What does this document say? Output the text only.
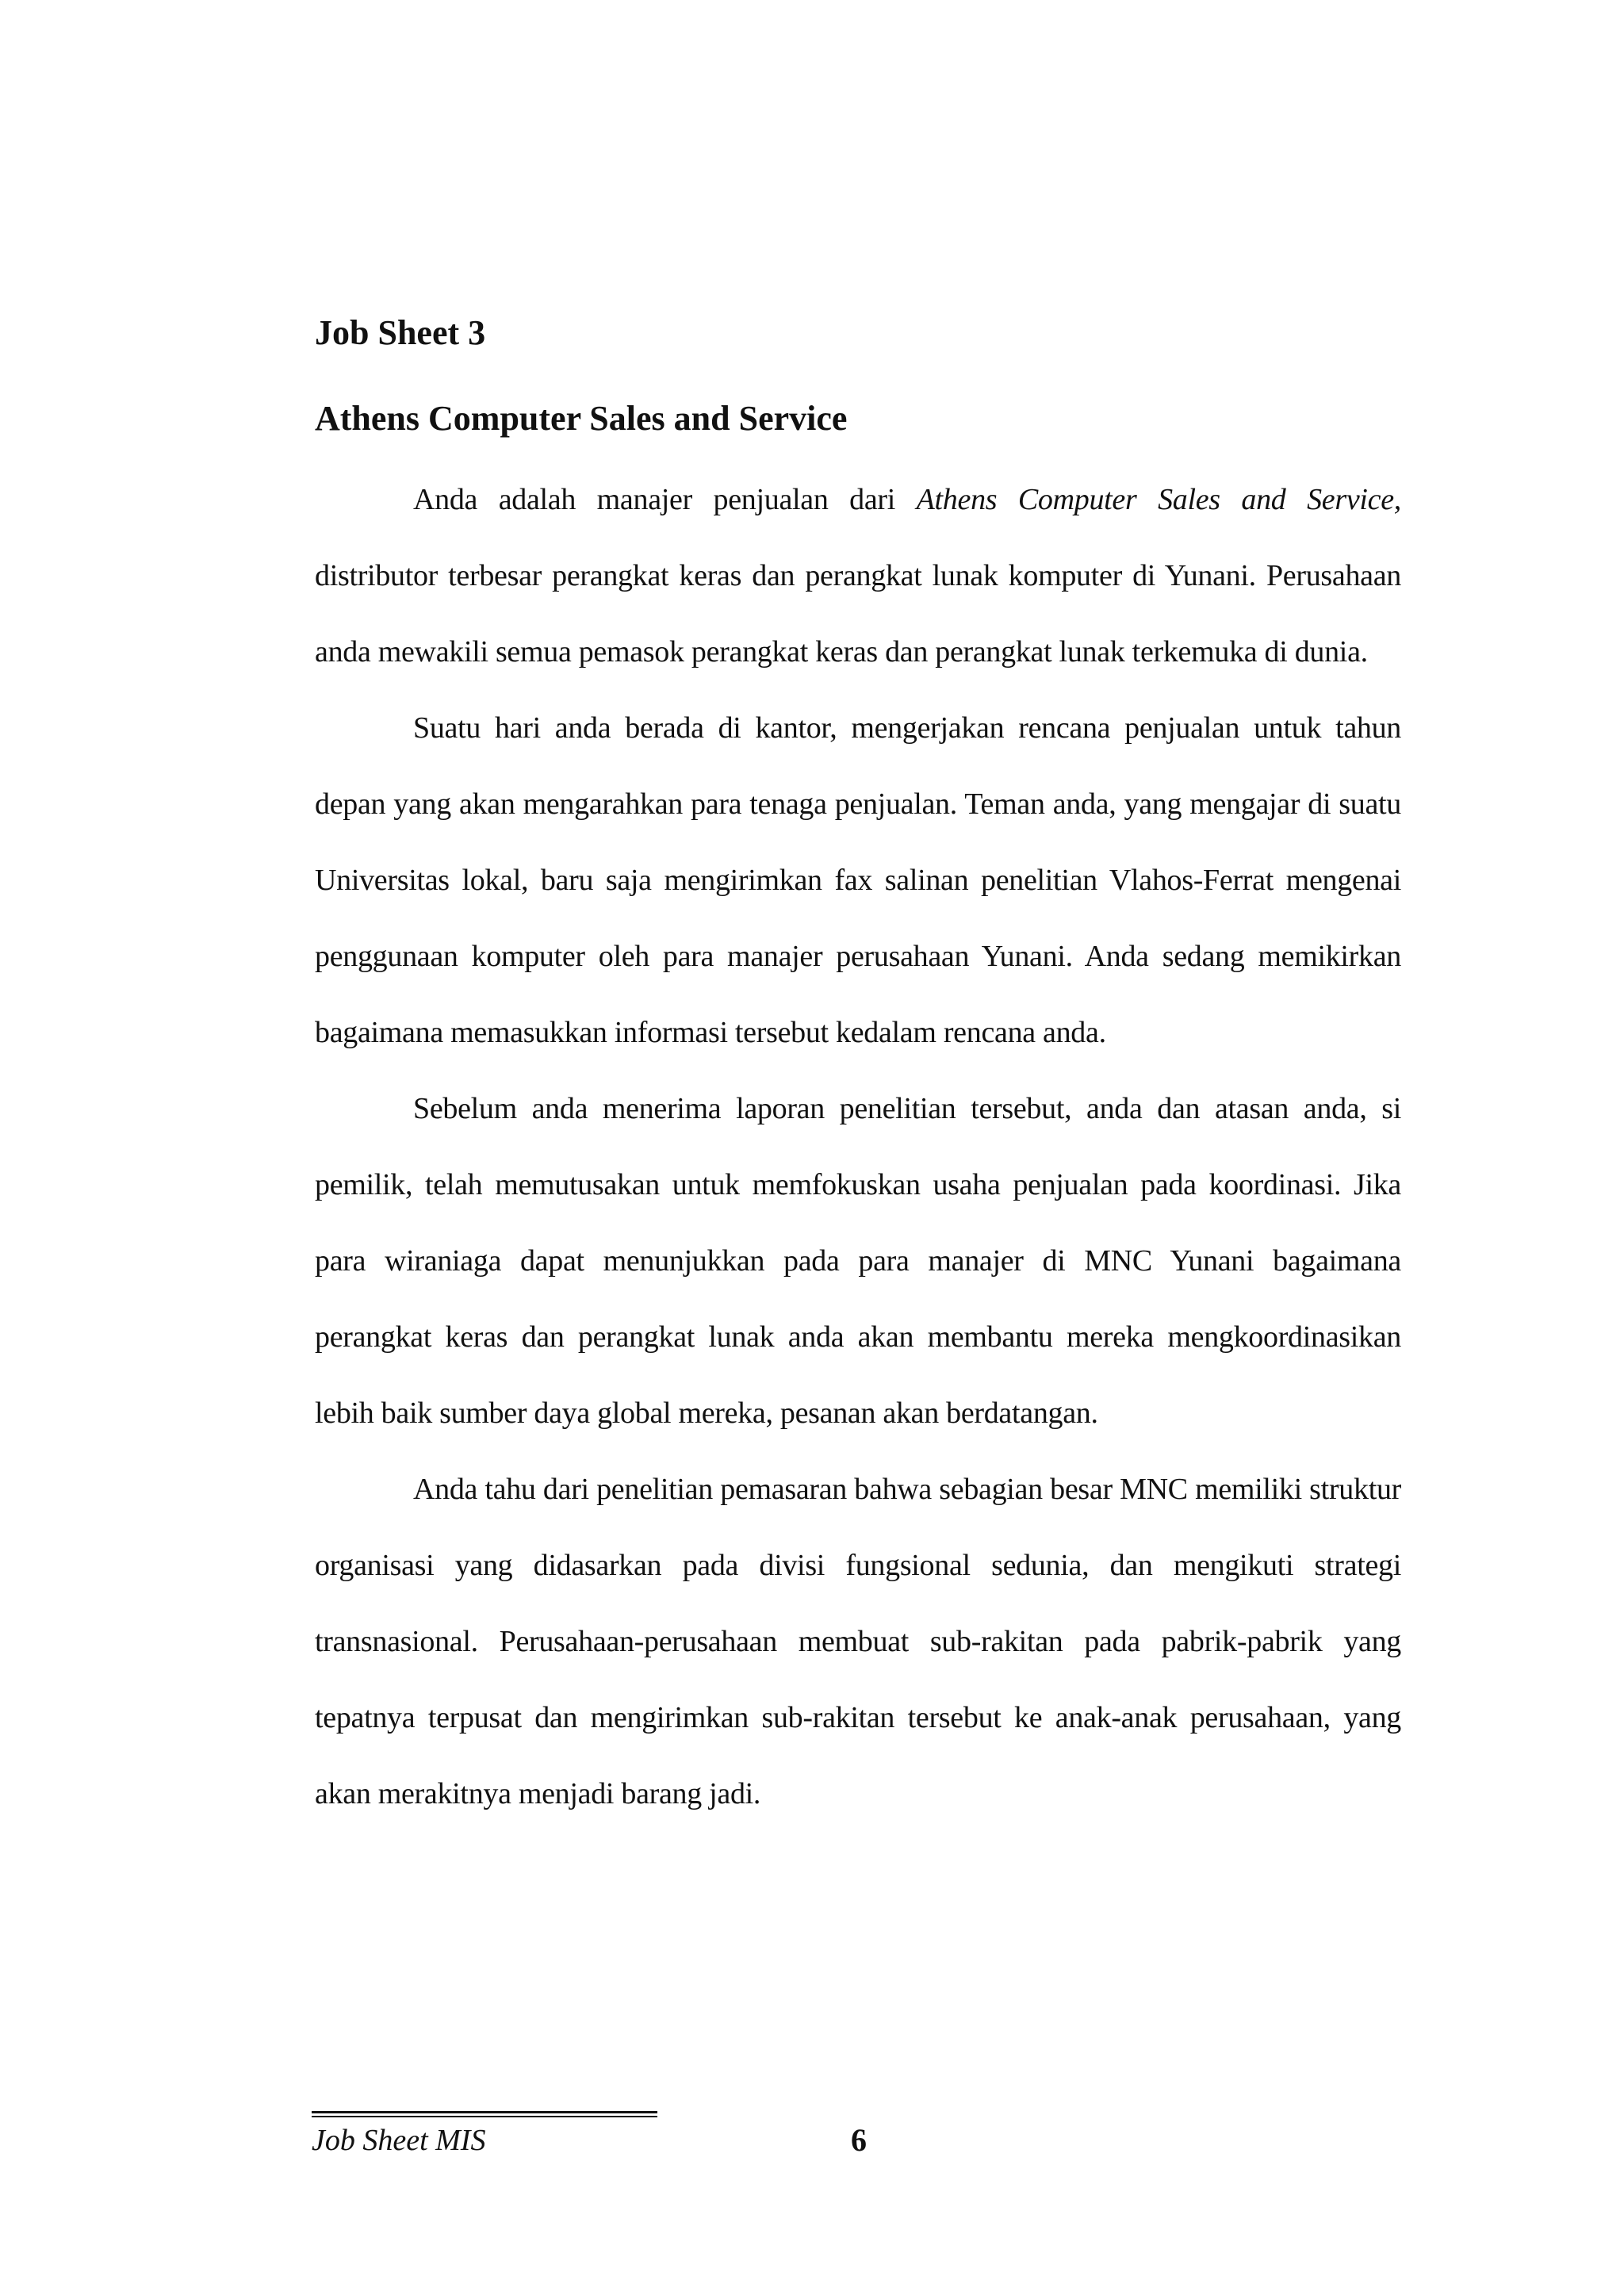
Job Sheet 3
Athens Computer Sales and Service

Anda adalah manajer penjualan dari Athens Computer Sales and Service, distributor terbesar perangkat keras dan perangkat lunak komputer di Yunani. Perusahaan anda mewakili semua pemasok perangkat keras dan perangkat lunak terkemuka di dunia.

Suatu hari anda berada di kantor, mengerjakan rencana penjualan untuk tahun depan yang akan mengarahkan para tenaga penjualan. Teman anda, yang mengajar di suatu Universitas lokal, baru saja mengirimkan fax salinan penelitian Vlahos-Ferrat mengenai penggunaan komputer oleh para manajer perusahaan Yunani. Anda sedang memikirkan bagaimana memasukkan informasi tersebut kedalam rencana anda.

Sebelum anda menerima laporan penelitian tersebut, anda dan atasan anda, si pemilik, telah memutusakan untuk memfokuskan usaha penjualan pada koordinasi. Jika para wiraniaga dapat menunjukkan pada para manajer di MNC Yunani bagaimana perangkat keras dan perangkat lunak anda akan membantu mereka mengkoordinasikan lebih baik sumber daya global mereka, pesanan akan berdatangan.

Anda tahu dari penelitian pemasaran bahwa sebagian besar MNC memiliki struktur organisasi yang didasarkan pada divisi fungsional sedunia, dan mengikuti strategi transnasional. Perusahaan-perusahaan membuat sub-rakitan pada pabrik-pabrik yang tepatnya terpusat dan mengirimkan sub-rakitan tersebut ke anak-anak perusahaan, yang akan merakitnya menjadi barang jadi.

Job Sheet MIS	6
